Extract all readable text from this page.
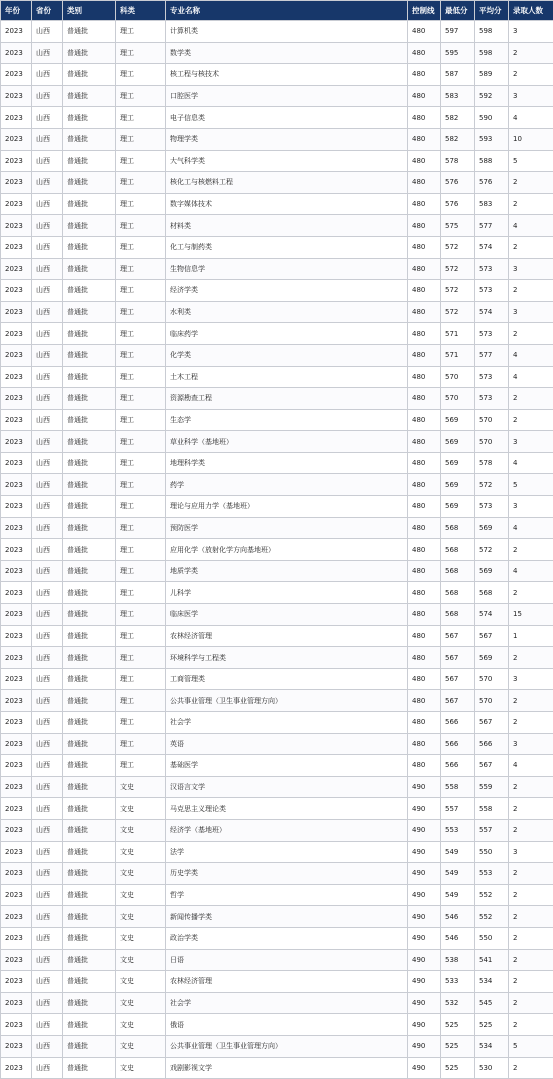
年份	省份	类别	科类	专业名称	控制线	最低分	平均分	录取人数
2023	山西	普通批	理工	计算机类	480	597	598	3
2023	山西	普通批	理工	数学类	480	595	598	2
2023	山西	普通批	理工	核工程与核技术	480	587	589	2
2023	山西	普通批	理工	口腔医学	480	583	592	3
2023	山西	普通批	理工	电子信息类	480	582	590	4
2023	山西	普通批	理工	物理学类	480	582	593	10
2023	山西	普通批	理工	大气科学类	480	578	588	5
2023	山西	普通批	理工	核化工与核燃料工程	480	576	576	2
2023	山西	普通批	理工	数字媒体技术	480	576	583	2
2023	山西	普通批	理工	材料类	480	575	577	4
2023	山西	普通批	理工	化工与制药类	480	572	574	2
2023	山西	普通批	理工	生物信息学	480	572	573	3
2023	山西	普通批	理工	经济学类	480	572	573	2
2023	山西	普通批	理工	水利类	480	572	574	3
2023	山西	普通批	理工	临床药学	480	571	573	2
2023	山西	普通批	理工	化学类	480	571	577	4
2023	山西	普通批	理工	土木工程	480	570	573	4
2023	山西	普通批	理工	资源勘查工程	480	570	573	2
2023	山西	普通批	理工	生态学	480	569	570	2
2023	山西	普通批	理工	草业科学（基地班）	480	569	570	3
2023	山西	普通批	理工	地理科学类	480	569	578	4
2023	山西	普通批	理工	药学	480	569	572	5
2023	山西	普通批	理工	理论与应用力学（基地班）	480	569	573	3
2023	山西	普通批	理工	预防医学	480	568	569	4
2023	山西	普通批	理工	应用化学（放射化学方向基地班）	480	568	572	2
2023	山西	普通批	理工	地质学类	480	568	569	4
2023	山西	普通批	理工	儿科学	480	568	568	2
2023	山西	普通批	理工	临床医学	480	568	574	15
2023	山西	普通批	理工	农林经济管理	480	567	567	1
2023	山西	普通批	理工	环境科学与工程类	480	567	569	2
2023	山西	普通批	理工	工商管理类	480	567	570	3
2023	山西	普通批	理工	公共事业管理（卫生事业管理方向）	480	567	570	2
2023	山西	普通批	理工	社会学	480	566	567	2
2023	山西	普通批	理工	英语	480	566	566	3
2023	山西	普通批	理工	基础医学	480	566	567	4
2023	山西	普通批	文史	汉语言文学	490	558	559	2
2023	山西	普通批	文史	马克思主义理论类	490	557	558	2
2023	山西	普通批	文史	经济学（基地班）	490	553	557	2
2023	山西	普通批	文史	法学	490	549	550	3
2023	山西	普通批	文史	历史学类	490	549	553	2
2023	山西	普通批	文史	哲学	490	549	552	2
2023	山西	普通批	文史	新闻传播学类	490	546	552	2
2023	山西	普通批	文史	政治学类	490	546	550	2
2023	山西	普通批	文史	日语	490	538	541	2
2023	山西	普通批	文史	农林经济管理	490	533	534	2
2023	山西	普通批	文史	社会学	490	532	545	2
2023	山西	普通批	文史	俄语	490	525	525	2
2023	山西	普通批	文史	公共事业管理（卫生事业管理方向）	490	525	534	5
2023	山西	普通批	文史	戏剧影视文学	490	525	530	2
